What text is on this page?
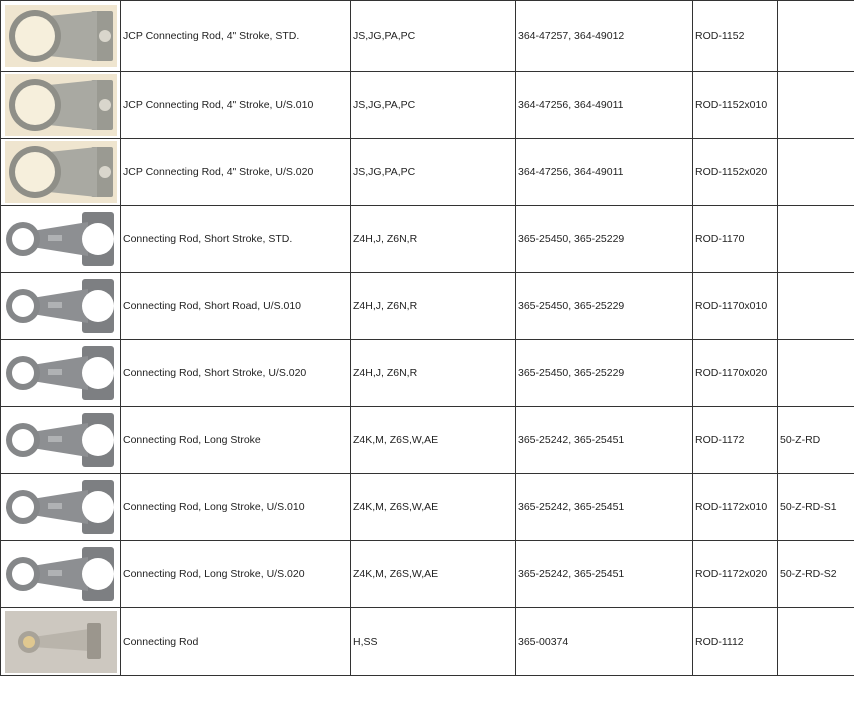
	JCP Connecting Rod, 4" Stroke, STD.	JS,JG,PA,PC	364-47257, 364-49012	ROD-1152	

	JCP Connecting Rod, 4" Stroke, U/S.010	JS,JG,PA,PC	364-47256, 364-49011	ROD-1152x010	

	JCP Connecting Rod, 4" Stroke, U/S.020	JS,JG,PA,PC	364-47256, 364-49011	ROD-1152x020	

	Connecting Rod, Short Stroke, STD.	Z4H,J, Z6N,R	365-25450, 365-25229	ROD-1170	

	Connecting Rod, Short Road, U/S.010	Z4H,J, Z6N,R	365-25450, 365-25229	ROD-1170x010	

	Connecting Rod, Short Stroke, U/S.020	Z4H,J, Z6N,R	365-25450, 365-25229	ROD-1170x020	

	Connecting Rod, Long Stroke	Z4K,M, Z6S,W,AE	365-25242, 365-25451	ROD-1172	50-Z-RD

	Connecting Rod, Long Stroke, U/S.010	Z4K,M, Z6S,W,AE	365-25242, 365-25451	ROD-1172x010	50-Z-RD-S1

	Connecting Rod, Long Stroke, U/S.020	Z4K,M, Z6S,W,AE	365-25242, 365-25451	ROD-1172x020	50-Z-RD-S2

	Connecting Rod	H,SS	365-00374	ROD-1112	
